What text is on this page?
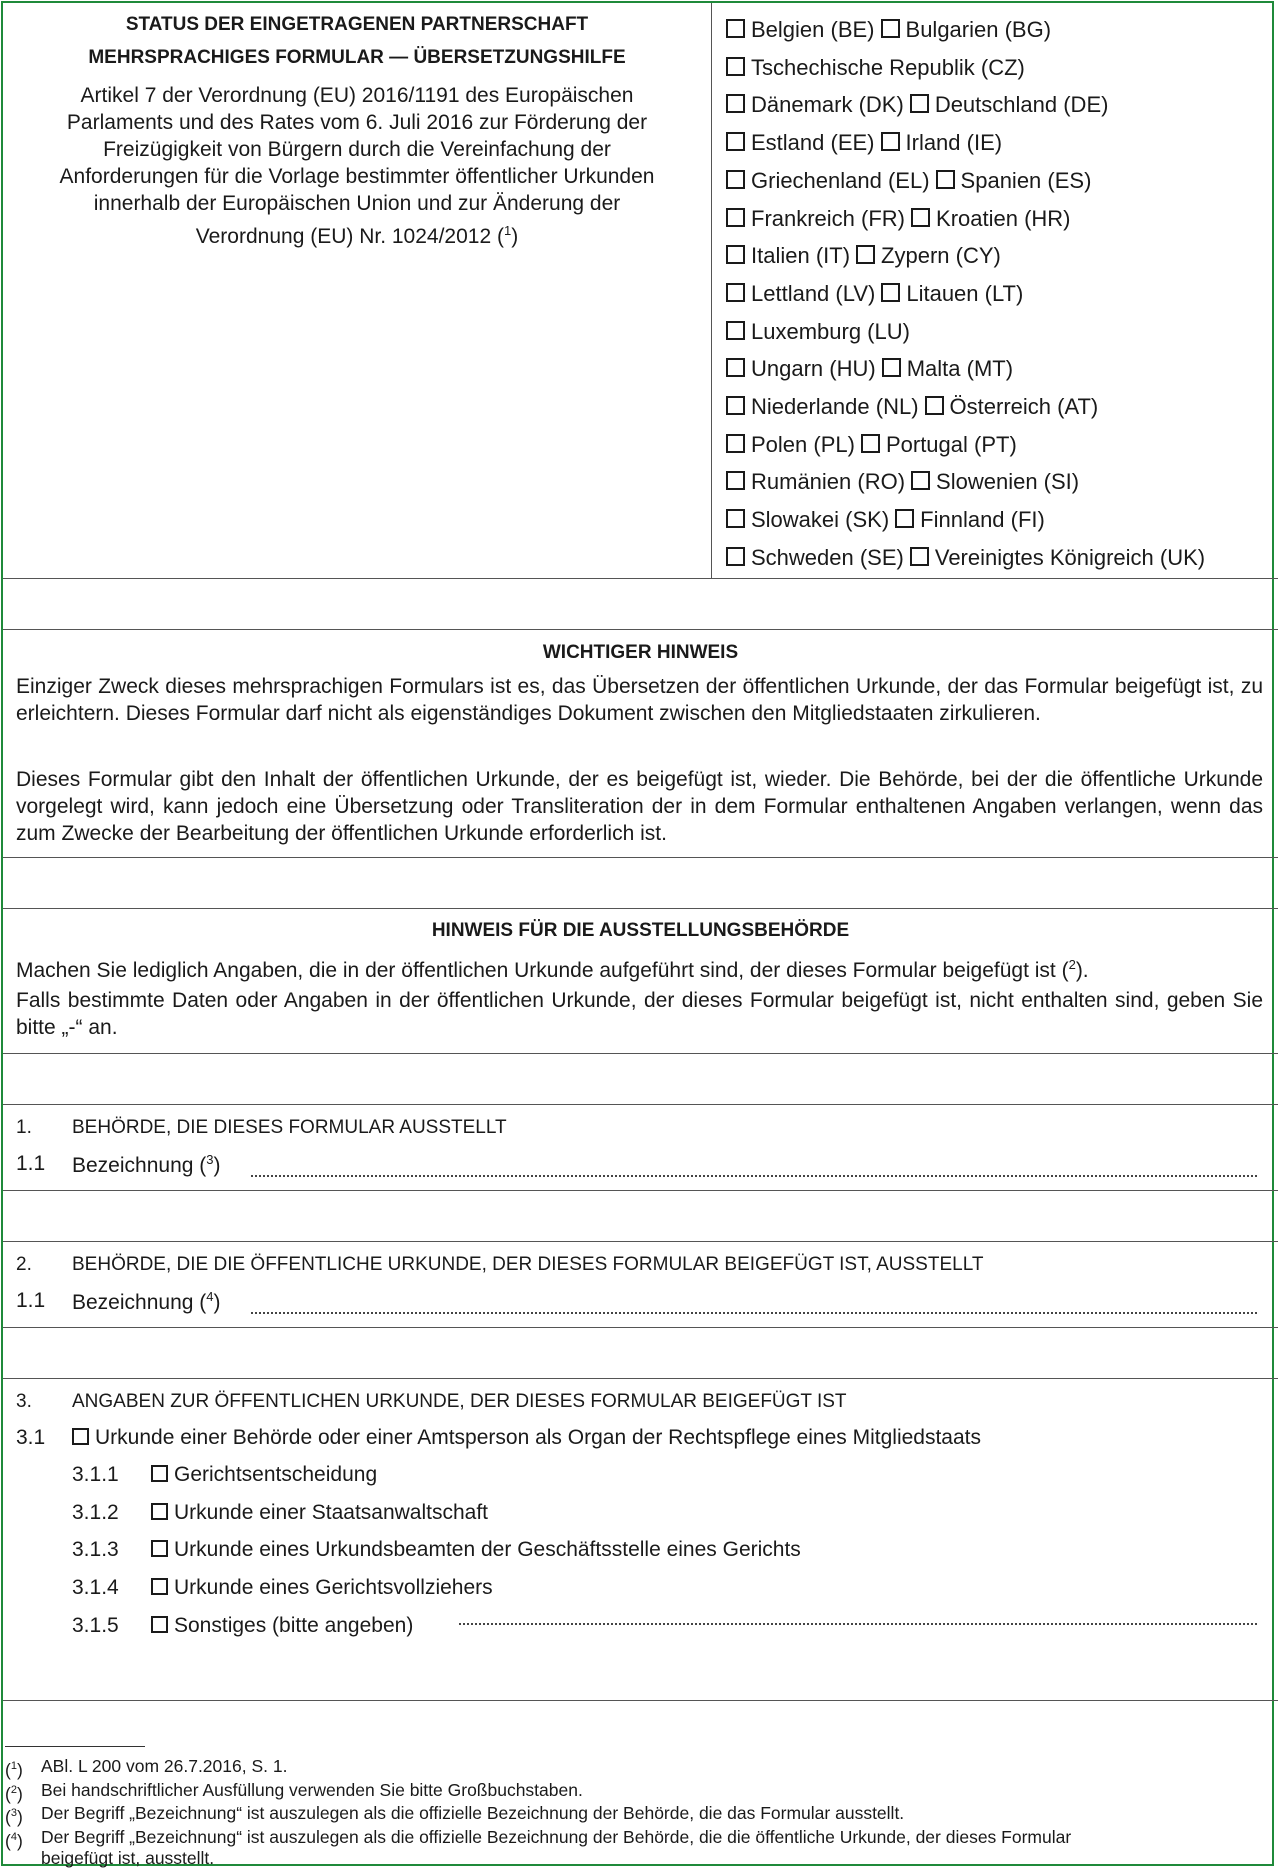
STATUS DER EINGETRAGENEN PARTNERSCHAFT
MEHRSPRACHIGES FORMULAR — ÜBERSETZUNGSHILFE
Artikel 7 der Verordnung (EU) 2016/1191 des Europäischen
Parlaments und des Rates vom 6. Juli 2016 zur Förderung der
Freizügigkeit von Bürgern durch die Vereinfachung der
Anforderungen für die Vorlage bestimmter öffentlicher Urkunden
innerhalb der Europäischen Union und zur Änderung der
Verordnung (EU) Nr. 1024/2012 ($^1$)
Belgien (BE) Bulgarien (BG)
Tschechische Republik (CZ)
Dänemark (DK) Deutschland (DE)
Estland (EE) Irland (IE)
Griechenland (EL) Spanien (ES)
Frankreich (FR) Kroatien (HR)
Italien (IT) Zypern (CY)
Lettland (LV) Litauen (LT)
Luxemburg (LU)
Ungarn (HU) Malta (MT)
Niederlande (NL) Österreich (AT)
Polen (PL) Portugal (PT)
Rumänien (RO) Slowenien (SI)
Slowakei (SK) Finnland (FI)
Schweden (SE) Vereinigtes Königreich (UK)
WICHTIGER HINWEIS
Einziger Zweck dieses mehrsprachigen Formulars ist es, das Übersetzen der öffentlichen Urkunde, der das Formular beigefügt ist, zu erleichtern. Dieses Formular darf nicht als eigenständiges Dokument zwischen den Mitgliedstaaten zirkulieren.
Dieses Formular gibt den Inhalt der öffentlichen Urkunde, der es beigefügt ist, wieder. Die Behörde, bei der die öffentliche Urkunde vorgelegt wird, kann jedoch eine Übersetzung oder Transliteration der in dem Formular enthaltenen Angaben verlangen, wenn das zum Zwecke der Bearbeitung der öffentlichen Urkunde erforderlich ist.
HINWEIS FÜR DIE AUSSTELLUNGSBEHÖRDE
Machen Sie lediglich Angaben, die in der öffentlichen Urkunde aufgeführt sind, der dieses Formular beigefügt ist ($^2$).
Falls bestimmte Daten oder Angaben in der öffentlichen Urkunde, der dieses Formular beigefügt ist, nicht enthalten sind, geben Sie bitte „-“ an.
1. BEHÖRDE, DIE DIESES FORMULAR AUSSTELLT
1.1 Bezeichnung ($^3$)
2. BEHÖRDE, DIE DIE ÖFFENTLICHE URKUNDE, DER DIESES FORMULAR BEIGEFÜGT IST, AUSSTELLT
1.1 Bezeichnung ($^4$)
3. ANGABEN ZUR ÖFFENTLICHEN URKUNDE, DER DIESES FORMULAR BEIGEFÜGT IST
3.1	Urkunde einer Behörde oder einer Amtsperson als Organ der Rechtspflege eines Mitgliedstaats
3.1.1	Gerichtsentscheidung
3.1.2	Urkunde einer Staatsanwaltschaft
3.1.3	Urkunde eines Urkundsbeamten der Geschäftsstelle eines Gerichts
3.1.4	Urkunde eines Gerichtsvollziehers
3.1.5	Sonstiges (bitte angeben)
($^1$) ABl. L 200 vom 26.7.2016, S. 1.
($^2$) Bei handschriftlicher Ausfüllung verwenden Sie bitte Großbuchstaben.
($^3$) Der Begriff „Bezeichnung“ ist auszulegen als die offizielle Bezeichnung der Behörde, die das Formular ausstellt.
($^4$) Der Begriff „Bezeichnung“ ist auszulegen als die offizielle Bezeichnung der Behörde, die die öffentliche Urkunde, der dieses Formular
beigefügt ist, ausstellt.
